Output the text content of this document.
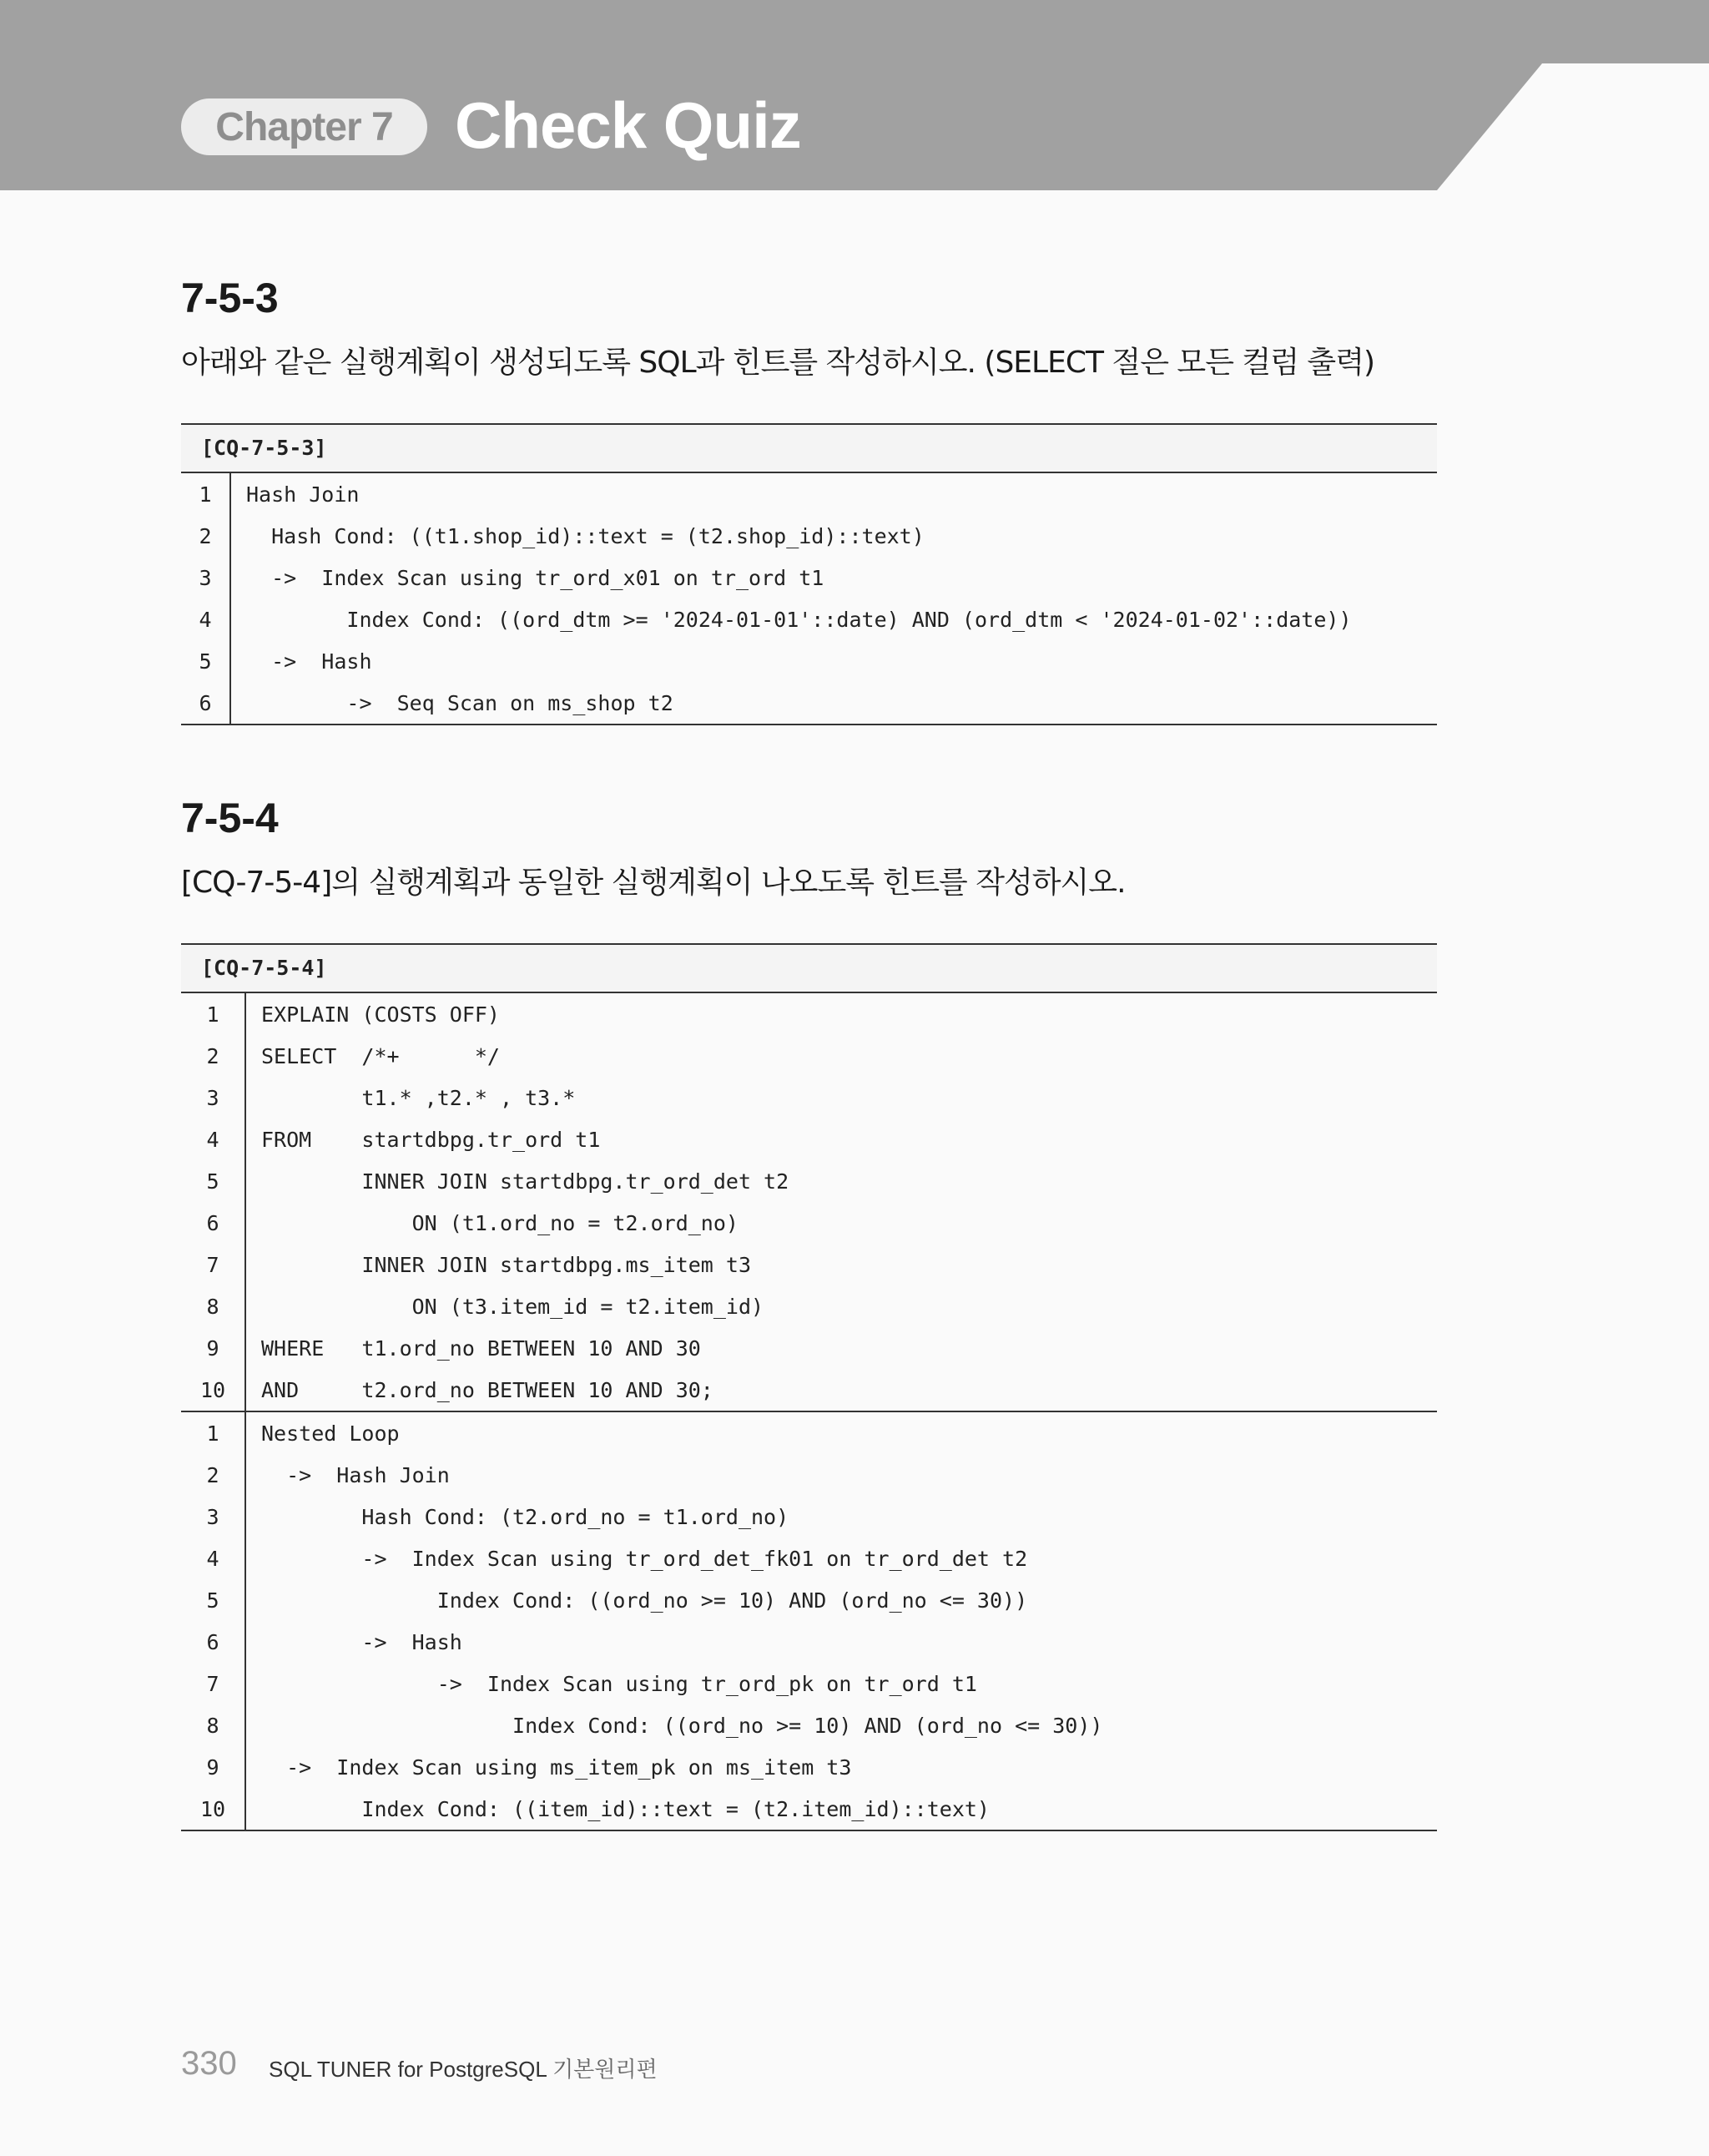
Chapter 7 Check Quiz
7-5-3
아래와 같은 실행계획이 생성되도록 SQL과 힌트를 작성하시오. (SELECT 절은 모든 컬럼 출력)
[CQ-7-5-3]
1	Hash Join
2	Hash Cond: ((t1.shop_id)::text = (t2.shop_id)::text)
3	->  Index Scan using tr_ord_x01 on tr_ord t1
4	Index Cond: ((ord_dtm >= '2024-01-01'::date) AND (ord_dtm < '2024-01-02'::date))
5	->  Hash
6	->  Seq Scan on ms_shop t2
7-5-4
[CQ-7-5-4]의 실행계획과 동일한 실행계획이 나오도록 힌트를 작성하시오.
[CQ-7-5-4]
1	EXPLAIN (COSTS OFF)
2	SELECT  /*+      */
3	t1.* ,t2.* , t3.*
4	FROM    startdbpg.tr_ord t1
5	INNER JOIN startdbpg.tr_ord_det t2
6	ON (t1.ord_no = t2.ord_no)
7	INNER JOIN startdbpg.ms_item t3
8	ON (t3.item_id = t2.item_id)
9	WHERE   t1.ord_no BETWEEN 10 AND 30
10	AND     t2.ord_no BETWEEN 10 AND 30;
1	Nested Loop
2	->  Hash Join
3	Hash Cond: (t2.ord_no = t1.ord_no)
4	->  Index Scan using tr_ord_det_fk01 on tr_ord_det t2
5	Index Cond: ((ord_no >= 10) AND (ord_no <= 30))
6	->  Hash
7	->  Index Scan using tr_ord_pk on tr_ord t1
8	Index Cond: ((ord_no >= 10) AND (ord_no <= 30))
9	->  Index Scan using ms_item_pk on ms_item t3
10	Index Cond: ((item_id)::text = (t2.item_id)::text)
330 SQL TUNER for PostgreSQL 기본원리편
